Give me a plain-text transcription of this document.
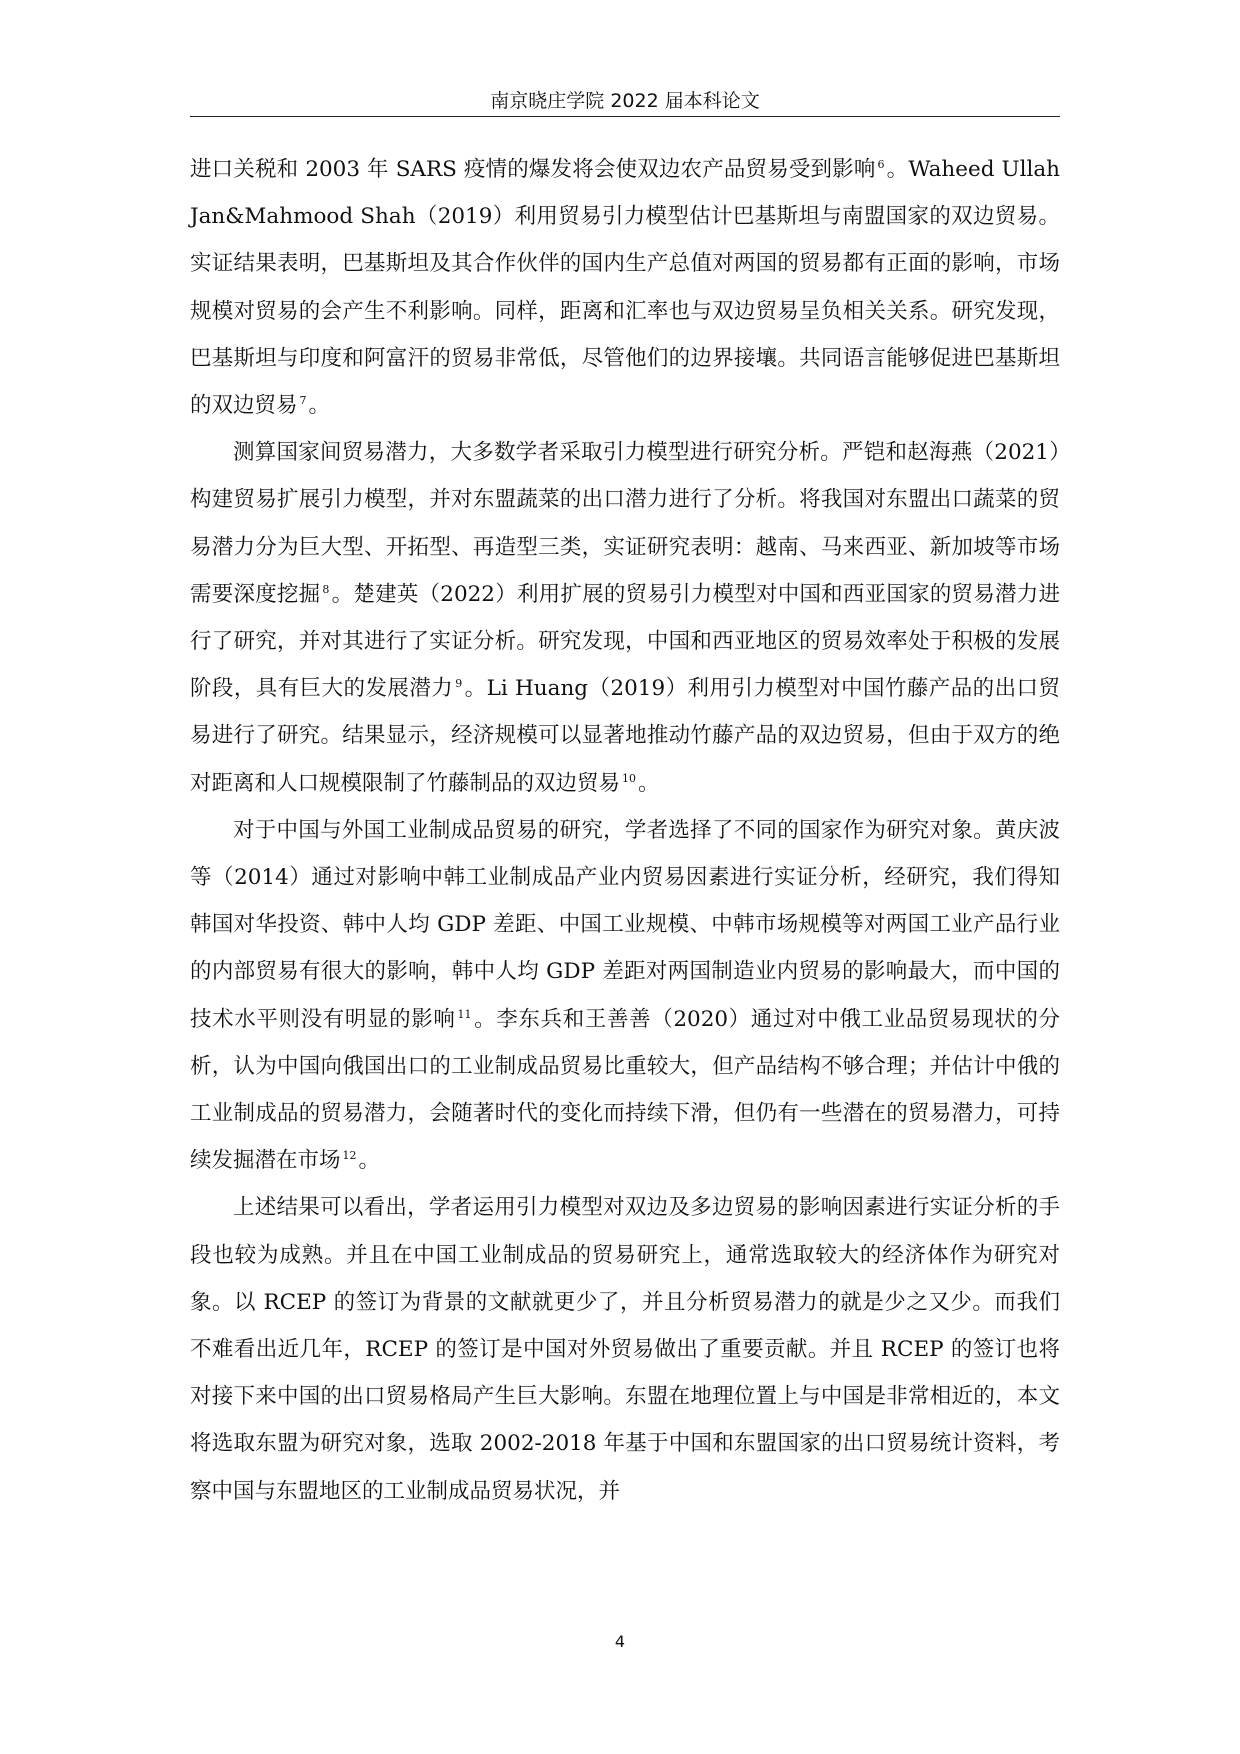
南京晓庄学院 2022 届本科论文

进口关税和 2003 年 SARS 疫情的爆发将会使双边农产品贸易受到影响 $^6$。Waheed Ullah Jan&Mahmood Shah（2019）利用贸易引力模型估计巴基斯坦与南盟国家的双边贸易。实证结果表明，巴基斯坦及其合作伙伴的国内生产总值对两国的贸易都有正面的影响，市场规模对贸易的会产生不利影响。同样，距离和汇率也与双边贸易呈负相关关系。研究发现，巴基斯坦与印度和阿富汗的贸易非常低，尽管他们的边界接壤。共同语言能够促进巴基斯坦的双边贸易 $^7$。

测算国家间贸易潜力，大多数学者采取引力模型进行研究分析。严铠和赵海燕（2021）构建贸易扩展引力模型，并对东盟蔬菜的出口潜力进行了分析。将我国对东盟出口蔬菜的贸易潜力分为巨大型、开拓型、再造型三类，实证研究表明：越南、马来西亚、新加坡等市场需要深度挖掘 $^8$。楚建英（2022）利用扩展的贸易引力模型对中国和西亚国家的贸易潜力进行了研究，并对其进行了实证分析。研究发现，中国和西亚地区的贸易效率处于积极的发展阶段，具有巨大的发展潜力 $^9$。Li Huang（2019）利用引力模型对中国竹藤产品的出口贸易进行了研究。结果显示，经济规模可以显著地推动竹藤产品的双边贸易，但由于双方的绝对距离和人口规模限制了竹藤制品的双边贸易 $^{10}$。

对于中国与外国工业制成品贸易的研究，学者选择了不同的国家作为研究对象。黄庆波等（2014）通过对影响中韩工业制成品产业内贸易因素进行实证分析，经研究，我们得知韩国对华投资、韩中人均 GDP 差距、中国工业规模、中韩市场规模等对两国工业产品行业的内部贸易有很大的影响，韩中人均 GDP 差距对两国制造业内贸易的影响最大，而中国的技术水平则没有明显的影响 $^{11}$。李东兵和王善善（2020）通过对中俄工业品贸易现状的分析，认为中国向俄国出口的工业制成品贸易比重较大，但产品结构不够合理；并估计中俄的工业制成品的贸易潜力，会随著时代的变化而持续下滑，但仍有一些潜在的贸易潜力，可持续发掘潜在市场 $^{12}$。

上述结果可以看出，学者运用引力模型对双边及多边贸易的影响因素进行实证分析的手段也较为成熟。并且在中国工业制成品的贸易研究上，通常选取较大的经济体作为研究对象。以 RCEP 的签订为背景的文献就更少了，并且分析贸易潜力的就是少之又少。而我们不难看出近几年，RCEP 的签订是中国对外贸易做出了重要贡献。并且 RCEP 的签订也将对接下来中国的出口贸易格局产生巨大影响。东盟在地理位置上与中国是非常相近的，本文将选取东盟为研究对象，选取 2002-2018 年基于中国和东盟国家的出口贸易统计资料，考察中国与东盟地区的工业制成品贸易状况，并

4
